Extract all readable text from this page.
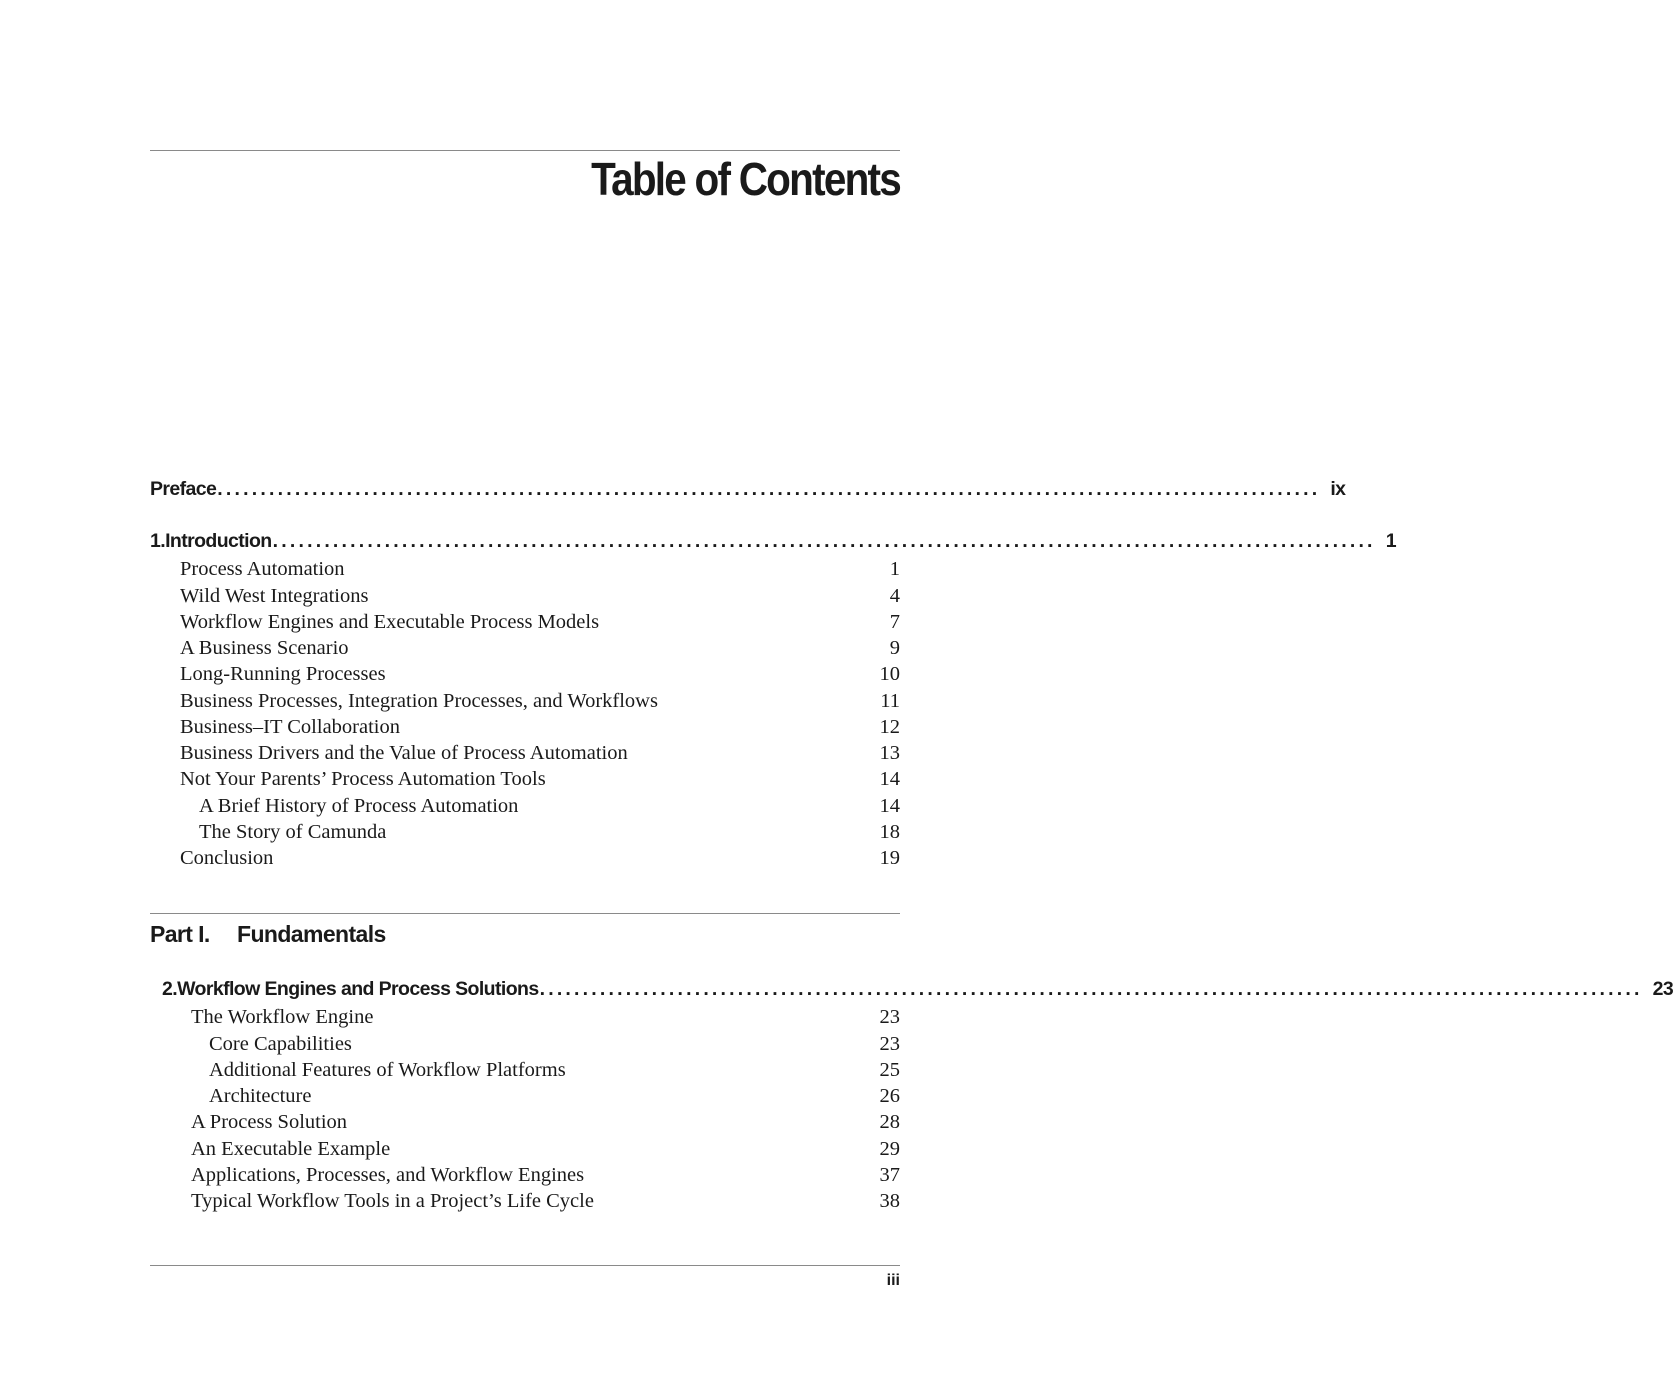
Table of Contents
Preface ................................................................................................................................ ix
1. Introduction ................................................................................................................................ 1
Process Automation	1
Wild West Integrations	4
Workflow Engines and Executable Process Models	7
A Business Scenario	9
Long-Running Processes	10
Business Processes, Integration Processes, and Workflows	11
Business–IT Collaboration	12
Business Drivers and the Value of Process Automation	13
Not Your Parents’ Process Automation Tools	14
A Brief History of Process Automation	14
The Story of Camunda	18
Conclusion	19
Part I.	Fundamentals
2. Workflow Engines and Process Solutions ................................................................................................................................ 23
The Workflow Engine	23
Core Capabilities	23
Additional Features of Workflow Platforms	25
Architecture	26
A Process Solution	28
An Executable Example	29
Applications, Processes, and Workflow Engines	37
Typical Workflow Tools in a Project’s Life Cycle	38
iii
